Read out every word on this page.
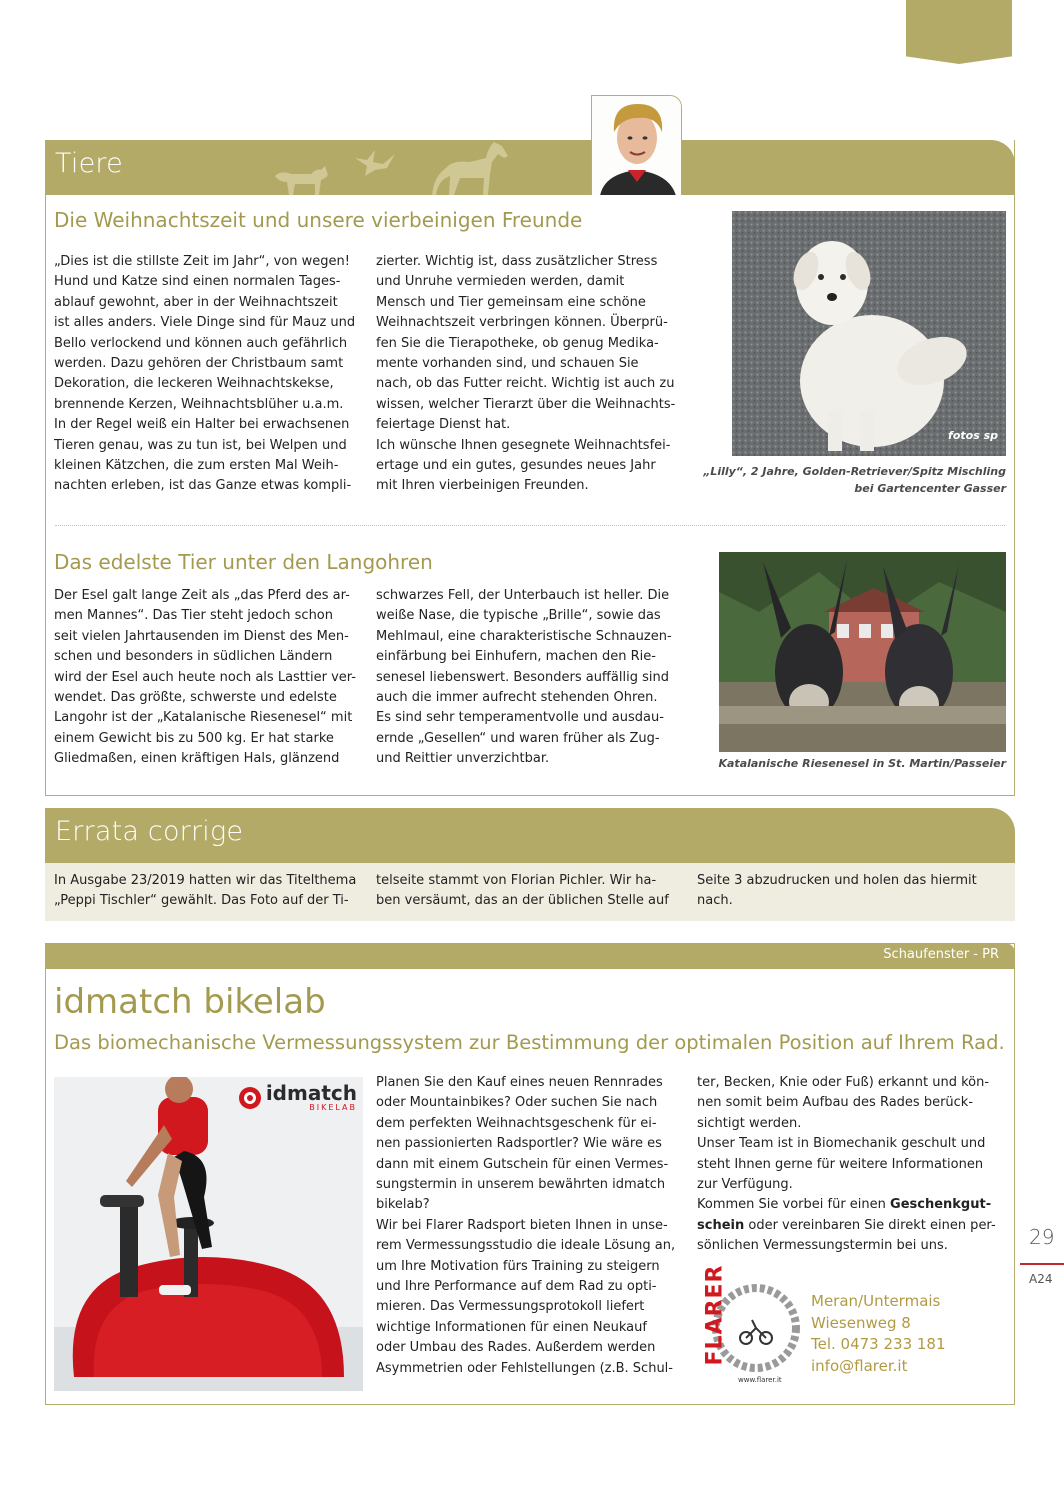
Tiere
Die Weihnachtszeit und unsere vierbeinigen Freunde

„Dies ist die stillste Zeit im Jahr“, von wegen!

Hund und Katze sind einen normalen Tages-

ablauf gewohnt, aber in der Weihnachtszeit

ist alles anders. Viele Dinge sind für Mauz und

Bello verlockend und können auch gefährlich

werden. Dazu gehören der Christbaum samt

Dekoration, die leckeren Weihnachtskekse,

brennende Kerzen, Weihnachtsblüher u.a.m.

In der Regel weiß ein Halter bei erwachsenen

Tieren genau, was zu tun ist, bei Welpen und

kleinen Kätzchen, die zum ersten Mal Weih-

nachten erleben, ist das Ganze etwas kompli-

zierter. Wichtig ist, dass zusätzlicher Stress

und Unruhe vermieden werden, damit

Mensch und Tier gemeinsam eine schöne

Weihnachtszeit verbringen können. Überprü-

fen Sie die Tierapotheke, ob genug Medika-

mente vorhanden sind, und schauen Sie

nach, ob das Futter reicht. Wichtig ist auch zu

wissen, welcher Tierarzt über die Weihnachts-

feiertage Dienst hat.

Ich wünsche Ihnen gesegnete Weihnachtsfei-

ertage und ein gutes, gesundes neues Jahr

mit Ihren vierbeinigen Freunden.

fotos sp
„Lilly“, 2 Jahre, Golden-Retriever/Spitz Mischling
bei Gartencenter Gasser
Das edelste Tier unter den Langohren

Der Esel galt lange Zeit als „das Pferd des ar-

men Mannes“. Das Tier steht jedoch schon

seit vielen Jahrtausenden im Dienst des Men-

schen und besonders in südlichen Ländern

wird der Esel auch heute noch als Lasttier ver-

wendet. Das größte, schwerste und edelste

Langohr ist der „Katalanische Riesenesel“ mit

einem Gewicht bis zu 500 kg. Er hat starke

Gliedmaßen, einen kräftigen Hals, glänzend

schwarzes Fell, der Unterbauch ist heller. Die

weiße Nase, die typische „Brille“, sowie das

Mehlmaul, eine charakteristische Schnauzen-

einfärbung bei Einhufern, machen den Rie-

senesel liebenswert. Besonders auffällig sind

auch die immer aufrecht stehenden Ohren.

Es sind sehr temperamentvolle und ausdau-

ernde „Gesellen“ und waren früher als Zug-

und Reittier unverzichtbar.	Katalanische Riesenesel in St. Martin/Passeier
Errata corrige

In Ausgabe 23/2019 hatten wir das Titelthema

„Peppi Tischler“ gewählt. Das Foto auf der Ti-

telseite stammt von Florian Pichler. Wir ha-

ben versäumt, das an der üblichen Stelle auf

Seite 3 abzudrucken und holen das hiermit

nach.

Schaufenster - PR
idmatch bikelab
Das biomechanische Vermessungssystem zur Bestimmung der optimalen Position auf Ihrem Rad.
idmatch
BIKELAB

Planen Sie den Kauf eines neuen Rennrades

oder Mountainbikes? Oder suchen Sie nach

dem perfekten Weihnachtsgeschenk für ei-

nen passionierten Radsportler? Wie wäre es

dann mit einem Gutschein für einen Vermes-

sungstermin in unserem bewährten idmatch

bikelab?

Wir bei Flarer Radsport bieten Ihnen in unse-

rem Vermessungsstudio die ideale Lösung an,

um Ihre Motivation fürs Training zu steigern

und Ihre Performance auf dem Rad zu opti-

mieren. Das Vermessungsprotokoll liefert

wichtige Informationen für einen Neukauf

oder Umbau des Rades. Außerdem werden

Asymmetrien oder Fehlstellungen (z.B. Schul-

ter, Becken, Knie oder Fuß) erkannt und kön-

nen somit beim Aufbau des Rades berück-

sichtigt werden.

Unser Team ist in Biomechanik geschult und

steht Ihnen gerne für weitere Informationen

zur Verfügung.

Kommen Sie vorbei für einen Geschenkgut-

schein oder vereinbaren Sie direkt einen per-

sönlichen Vermessungstermin bei uns.

FLARER
www.flarer.it
Meran/Untermais
Wiesenweg 8
Tel. 0473 233 181
info@flarer.it
29
A24
